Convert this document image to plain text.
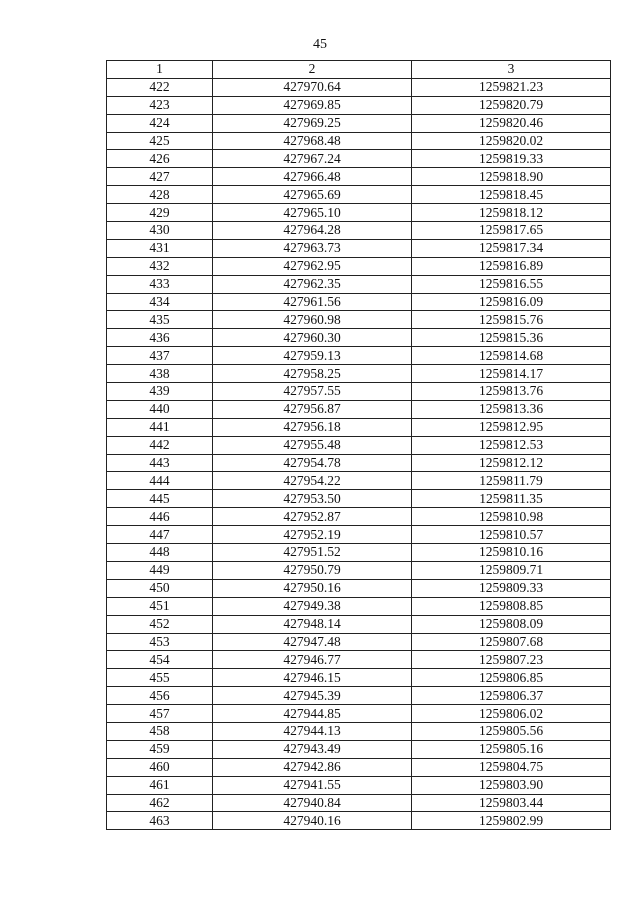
45
1	2	3
422	427970.64	1259821.23
423	427969.85	1259820.79
424	427969.25	1259820.46
425	427968.48	1259820.02
426	427967.24	1259819.33
427	427966.48	1259818.90
428	427965.69	1259818.45
429	427965.10	1259818.12
430	427964.28	1259817.65
431	427963.73	1259817.34
432	427962.95	1259816.89
433	427962.35	1259816.55
434	427961.56	1259816.09
435	427960.98	1259815.76
436	427960.30	1259815.36
437	427959.13	1259814.68
438	427958.25	1259814.17
439	427957.55	1259813.76
440	427956.87	1259813.36
441	427956.18	1259812.95
442	427955.48	1259812.53
443	427954.78	1259812.12
444	427954.22	1259811.79
445	427953.50	1259811.35
446	427952.87	1259810.98
447	427952.19	1259810.57
448	427951.52	1259810.16
449	427950.79	1259809.71
450	427950.16	1259809.33
451	427949.38	1259808.85
452	427948.14	1259808.09
453	427947.48	1259807.68
454	427946.77	1259807.23
455	427946.15	1259806.85
456	427945.39	1259806.37
457	427944.85	1259806.02
458	427944.13	1259805.56
459	427943.49	1259805.16
460	427942.86	1259804.75
461	427941.55	1259803.90
462	427940.84	1259803.44
463	427940.16	1259802.99
